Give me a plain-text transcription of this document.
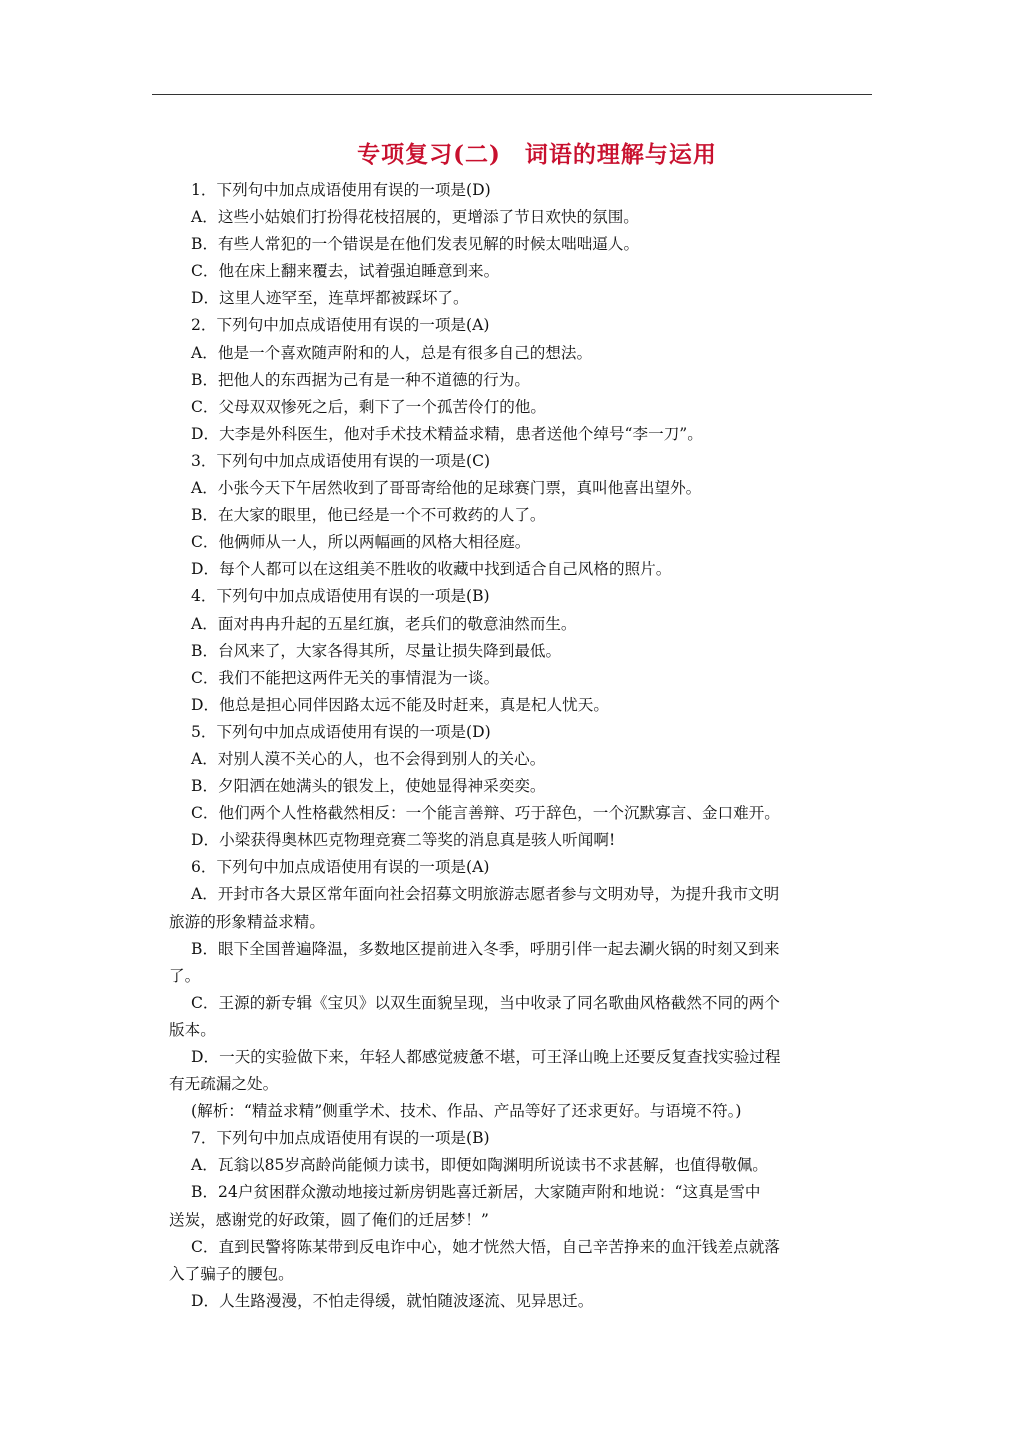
专项复习(二)　词语的理解与运用
1．下列句中加点成语使用有误的一项是(D)
A．这些小姑娘们打扮得花枝招展的，更增添了节日欢快的氛围。
B．有些人常犯的一个错误是在他们发表见解的时候太咄咄逼人。
C．他在床上翻来覆去，试着强迫睡意到来。
D．这里人迹罕至，连草坪都被踩坏了。
2．下列句中加点成语使用有误的一项是(A)
A．他是一个喜欢随声附和的人，总是有很多自己的想法。
B．把他人的东西据为己有是一种不道德的行为。
C．父母双双惨死之后，剩下了一个孤苦伶仃的他。
D．大李是外科医生，他对手术技术精益求精，患者送他个绰号“李一刀”。
3．下列句中加点成语使用有误的一项是(C)
A．小张今天下午居然收到了哥哥寄给他的足球赛门票，真叫他喜出望外。
B．在大家的眼里，他已经是一个不可救药的人了。
C．他俩师从一人，所以两幅画的风格大相径庭。
D．每个人都可以在这组美不胜收的收藏中找到适合自己风格的照片。
4．下列句中加点成语使用有误的一项是(B)
A．面对冉冉升起的五星红旗，老兵们的敬意油然而生。
B．台风来了，大家各得其所，尽量让损失降到最低。
C．我们不能把这两件无关的事情混为一谈。
D．他总是担心同伴因路太远不能及时赶来，真是杞人忧天。
5．下列句中加点成语使用有误的一项是(D)
A．对别人漠不关心的人，也不会得到别人的关心。
B．夕阳洒在她满头的银发上，使她显得神采奕奕。
C．他们两个人性格截然相反：一个能言善辩、巧于辞色，一个沉默寡言、金口难开。
D．小梁获得奥林匹克物理竞赛二等奖的消息真是骇人听闻啊!
6．下列句中加点成语使用有误的一项是(A)
A．开封市各大景区常年面向社会招募文明旅游志愿者参与文明劝导，为提升我市文明
旅游的形象精益求精。
B．眼下全国普遍降温，多数地区提前进入冬季，呼朋引伴一起去涮火锅的时刻又到来
了。
C．王源的新专辑《宝贝》以双生面貌呈现，当中收录了同名歌曲风格截然不同的两个
版本。
D．一天的实验做下来，年轻人都感觉疲惫不堪，可王泽山晚上还要反复查找实验过程
有无疏漏之处。
(解析：“精益求精”侧重学术、技术、作品、产品等好了还求更好。与语境不符。)
7．下列句中加点成语使用有误的一项是(B)
A．瓦翁以85岁高龄尚能倾力读书，即便如陶渊明所说读书不求甚解，也值得敬佩。
B．24户贫困群众激动地接过新房钥匙喜迁新居，大家随声附和地说：“这真是雪中
送炭，感谢党的好政策，圆了俺们的迁居梦！”
C．直到民警将陈某带到反电诈中心，她才恍然大悟，自己辛苦挣来的血汗钱差点就落
入了骗子的腰包。
D．人生路漫漫，不怕走得缓，就怕随波逐流、见异思迁。
